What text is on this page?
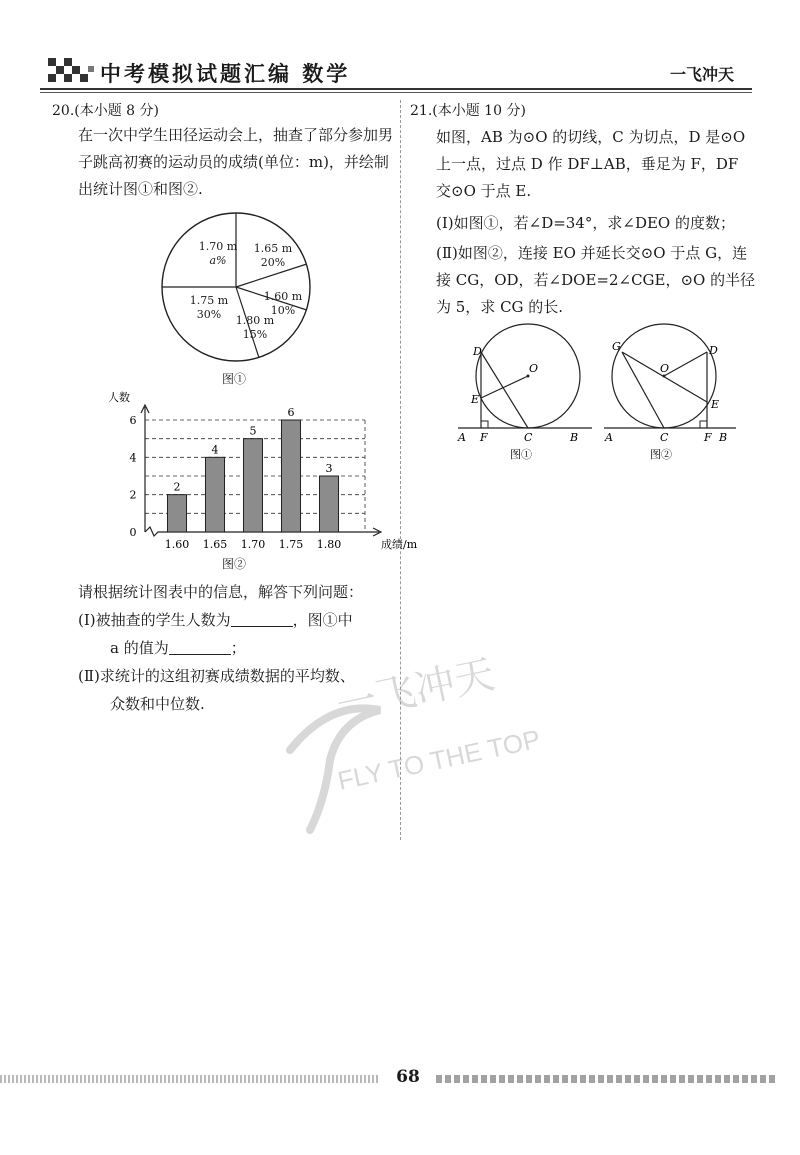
中考模拟试题汇编 数学	一飞冲天
20.(本小题 8 分)
在一次中学生田径运动会上，抽查了部分参加男子跳高初赛的运动员的成绩(单位：m)，并绘制出统计图①和图②.
1.70 m
a%
1.65 m
20%
1.60 m
10%
1.75 m
30%	1.80 m
15%
图①
0
2
4
6
人数
成绩/m
2
1.60
4
1.65
5
1.70
6
1.75
3
1.80
图②
请根据统计图表中的信息，解答下列问题：
(Ⅰ)被抽查的学生人数为	，图①中
a 的值为	；
(Ⅱ)求统计的这组初赛成绩数据的平均数、
众数和中位数.
21.(本小题 10 分)
如图，AB 为⊙O 的切线，C 为切点，D 是⊙O 上一点，过点 D 作 DF⊥AB，垂足为 F，DF 交⊙O 于点 E.
(Ⅰ)如图①，若∠D=34°，求∠DEO 的度数；
(Ⅱ)如图②，连接 EO 并延长交⊙O 于点 G，连接 CG，OD，若∠DOE=2∠CGE，⊙O 的半径为 5，求 CG 的长.
D
O
E
A F	C	B
图①
G
O
D
E
A	C	F B
图②
一飞冲天
FLY TO THE TOP
68
